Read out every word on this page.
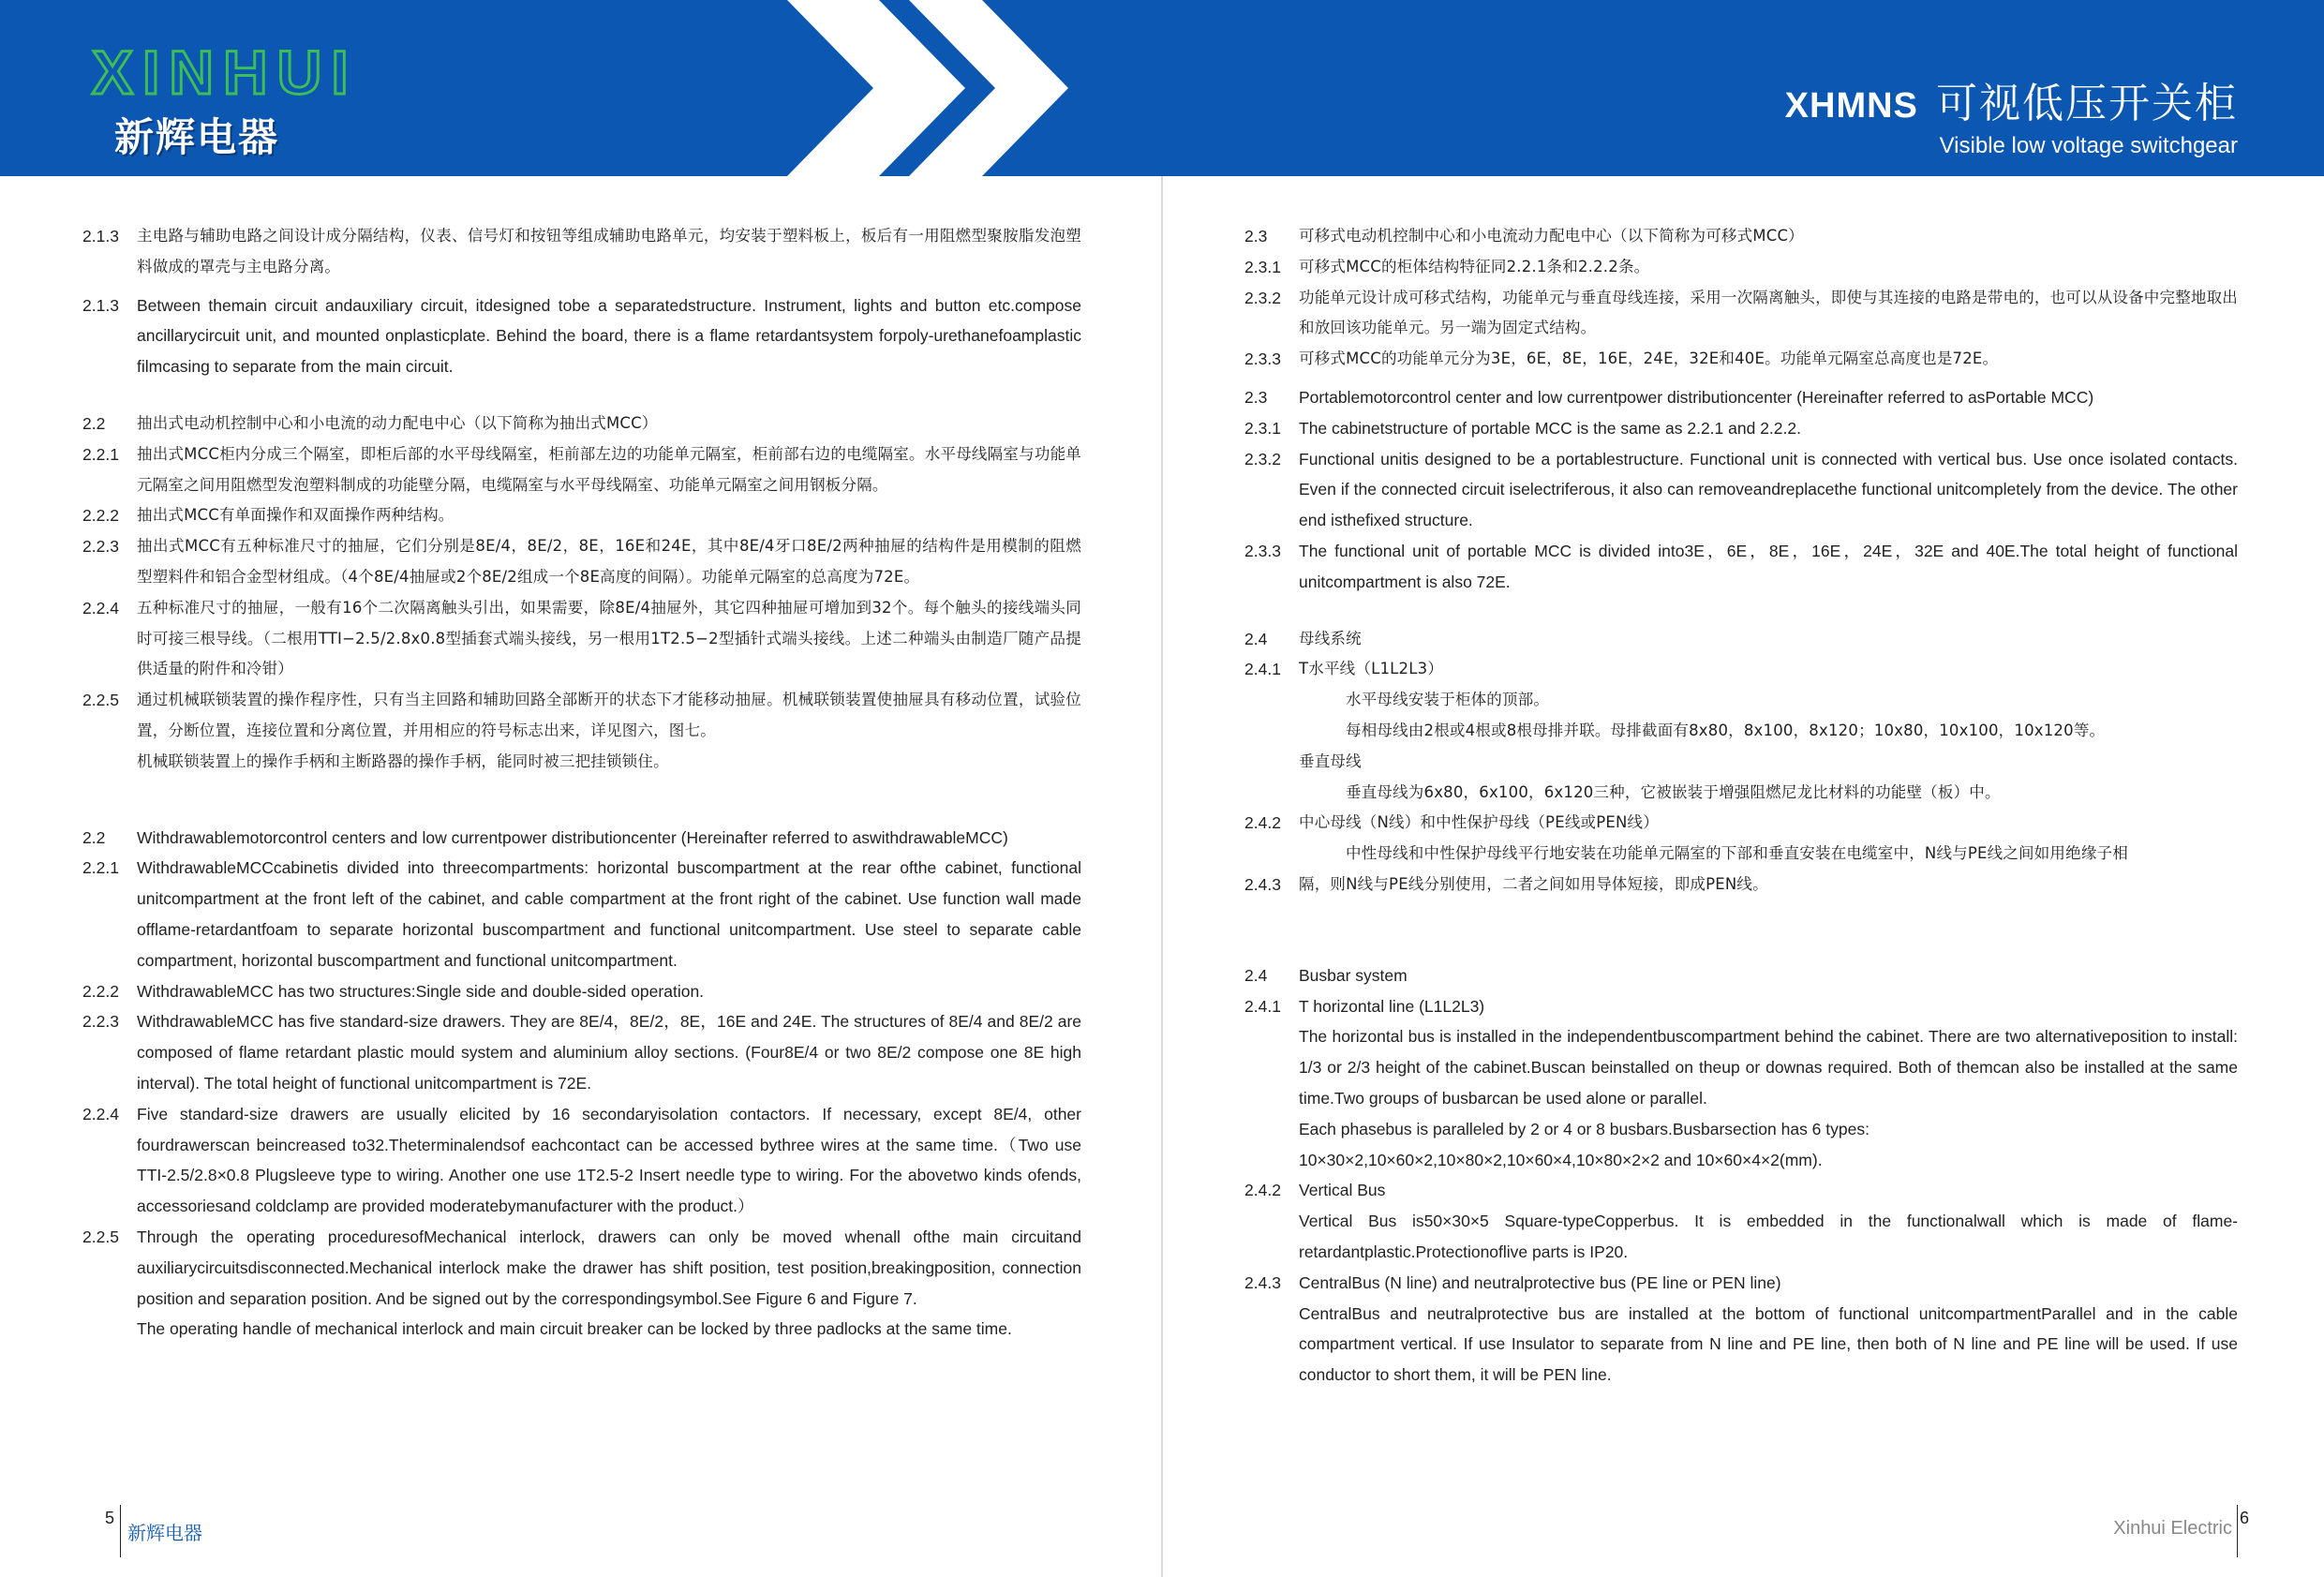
XINHUI
新辉电器
2.1.3	主电路与辅助电路之间设计成分隔结构，仪表、信号灯和按钮等组成辅助电路单元，均安装于塑料板上，板后有一用阻燃型聚胺脂发泡塑料做成的罩壳与主电路分离。
2.1.3	Between themain circuit andauxiliary circuit, itdesigned tobe a separatedstructure. Instrument, lights and button etc.compose ancillarycircuit unit, and mounted onplasticplate. Behind the board, there is a flame retardantsystem forpoly-urethanefoamplastic filmcasing to separate from the main circuit.
2.2	抽出式电动机控制中心和小电流的动力配电中心（以下简称为抽出式MCC）
2.2.1	抽出式MCC柜内分成三个隔室，即柜后部的水平母线隔室，柜前部左边的功能单元隔室，柜前部右边的电缆隔室。水平母线隔室与功能单元隔室之间用阻燃型发泡塑料制成的功能壁分隔，电缆隔室与水平母线隔室、功能单元隔室之间用钢板分隔。
2.2.2	抽出式MCC有单面操作和双面操作两种结构。
2.2.3	抽出式MCC有五种标准尺寸的抽屉，它们分别是8E/4，8E/2，8E，16E和24E，其中8E/4牙口8E/2两种抽屉的结构件是用模制的阻燃型塑料件和铝合金型材组成。（4个8E/4抽屉或2个8E/2组成一个8E高度的间隔）。功能单元隔室的总高度为72E。
2.2.4	五种标准尺寸的抽屉，一般有16个二次隔离触头引出，如果需要，除8E/4抽屉外，其它四种抽屉可增加到32个。每个触头的接线端头同时可接三根导线。（二根用TTI−2.5/2.8x0.8型插套式端头接线，另一根用1T2.5−2型插针式端头接线。上述二种端头由制造厂随产品提供适量的附件和冷钳）
2.2.5	通过机械联锁装置的操作程序性，只有当主回路和辅助回路全部断开的状态下才能移动抽屉。机械联锁装置使抽屉具有移动位置，试验位置，分断位置，连接位置和分离位置，并用相应的符号标志出来，详见图六，图七。
机械联锁装置上的操作手柄和主断路器的操作手柄，能同时被三把挂锁锁住。
2.2	Withdrawablemotorcontrol centers and low currentpower distributioncenter (Hereinafter referred to aswithdrawableMCC)
2.2.1	WithdrawableMCCcabinetis divided into threecompartments: horizontal buscompartment at the rear ofthe cabinet, functional unitcompartment at the front left of the cabinet, and cable compartment at the front right of the cabinet. Use function wall made offlame-retardantfoam to separate horizontal buscompartment and functional unitcompartment. Use steel to separate cable compartment, horizontal buscompartment and functional unitcompartment.
2.2.2	WithdrawableMCC has two structures:Single side and double-sided operation.
2.2.3	WithdrawableMCC has five standard-size drawers. They are 8E/4，8E/2，8E，16E and 24E. The structures of 8E/4 and 8E/2 are composed of flame retardant plastic mould system and aluminium alloy sections. (Four8E/4 or two 8E/2 compose one 8E high interval). The total height of functional unitcompartment is 72E.
2.2.4	Five standard-size drawers are usually elicited by 16 secondaryisolation contactors. If necessary, except 8E/4, other fourdrawerscan beincreased to32.Theterminalendsof eachcontact can be accessed bythree wires at the same time.（Two use TTI-2.5/2.8×0.8 Plugsleeve type to wiring. Another one use 1T2.5-2 Insert needle type to wiring. For the abovetwo kinds ofends, accessoriesand coldclamp are provided moderatebymanufacturer with the product.）
2.2.5	Through the operating proceduresofMechanical interlock, drawers can only be moved whenall ofthe main circuitand auxiliarycircuitsdisconnected.Mechanical interlock make the drawer has shift position, test position,breakingposition, connection position and separation position. And be signed out by the correspondingsymbol.See Figure 6 and Figure 7.
The operating handle of mechanical interlock and main circuit breaker can be locked by three padlocks at the same time.
5
新辉电器
XHMNS 可视低压开关柜
Visible low voltage switchgear
2.3	可移式电动机控制中心和小电流动力配电中心（以下简称为可移式MCC）
2.3.1	可移式MCC的柜体结构特征同2.2.1条和2.2.2条。
2.3.2	功能单元设计成可移式结构，功能单元与垂直母线连接，采用一次隔离触头，即使与其连接的电路是带电的，也可以从设备中完整地取出和放回该功能单元。另一端为固定式结构。
2.3.3	可移式MCC的功能单元分为3E，6E，8E，16E，24E，32E和40E。功能单元隔室总高度也是72E。
2.3	Portablemotorcontrol center and low currentpower distributioncenter (Hereinafter referred to asPortable MCC)
2.3.1	The cabinetstructure of portable MCC is the same as 2.2.1 and 2.2.2.
2.3.2	Functional unitis designed to be a portablestructure. Functional unit is connected with vertical bus. Use once isolated contacts. Even if the connected circuit iselectriferous, it also can removeandreplacethe functional unitcompletely from the device. The other end isthefixed structure.
2.3.3	The functional unit of portable MCC is divided into3E，6E，8E，16E，24E，32E and 40E.The total height of functional unitcompartment is also 72E.
2.4	母线系统
2.4.1	T水平线（L1L2L3）
水平母线安装于柜体的顶部。
每相母线由2根或4根或8根母排并联。母排截面有8x80，8x100，8x120；10x80，10x100，10x120等。
垂直母线
垂直母线为6x80，6x100，6x120三种，它被嵌装于增强阻燃尼龙比材料的功能壁（板）中。
2.4.2	中心母线（N线）和中性保护母线（PE线或PEN线）
中性母线和中性保护母线平行地安装在功能单元隔室的下部和垂直安装在电缆室中，N线与PE线之间如用绝缘子相
2.4.3	隔，则N线与PE线分别使用，二者之间如用导体短接，即成PEN线。
2.4	Busbar system
2.4.1	T horizontal line (L1L2L3)
The horizontal bus is installed in the independentbuscompartment behind the cabinet. There are two alternativeposition to install: 1/3 or 2/3 height of the cabinet.Buscan beinstalled on theup or downas required. Both of themcan also be installed at the same time.Two groups of busbarcan be used alone or parallel.
Each phasebus is paralleled by 2 or 4 or 8 busbars.Busbarsection has 6 types:
10×30×2,10×60×2,10×80×2,10×60×4,10×80×2×2 and 10×60×4×2(mm).
2.4.2	Vertical Bus
Vertical Bus is50×30×5 Square-typeCopperbus. It is embedded in the functionalwall which is made of flame-retardantplastic.Protectionoflive parts is IP20.
2.4.3	CentralBus (N line) and neutralprotective bus (PE line or PEN line)
CentralBus and neutralprotective bus are installed at the bottom of functional unitcompartmentParallel and in the cable compartment vertical. If use Insulator to separate from N line and PE line, then both of N line and PE line will be used. If use conductor to short them, it will be PEN line.
Xinhui Electric 6
